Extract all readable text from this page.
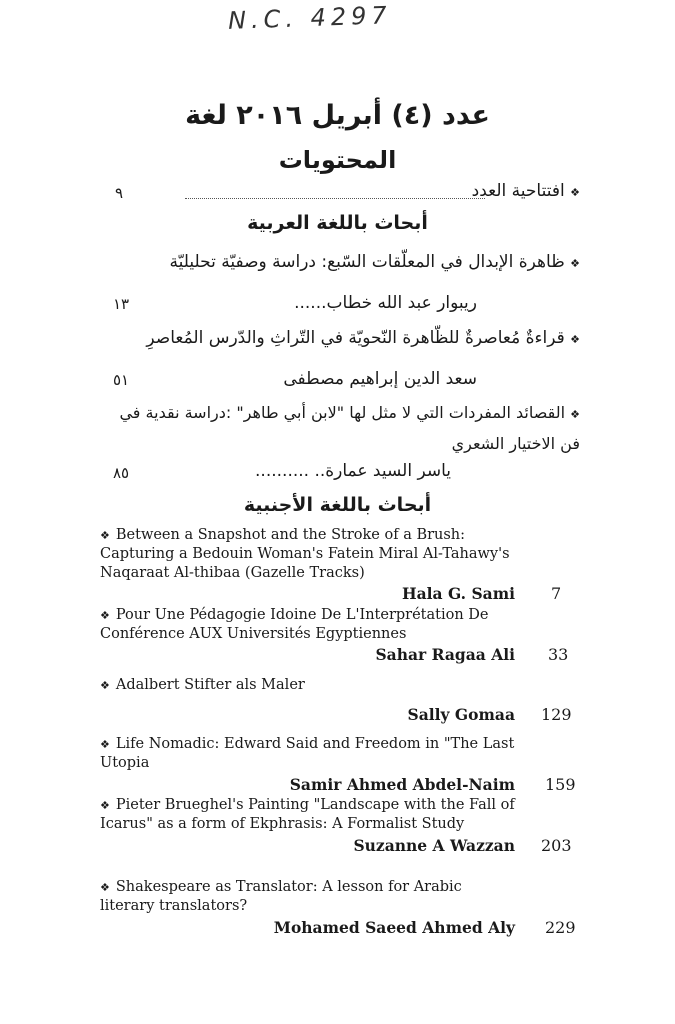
N.C. 4297
عدد (٤) أبريل ٢٠١٦ لغة
المحتويات
❖ افتتاحية العدد
٩
أبحاث باللغة العربية
❖ ظاهرة الإبدال في المعلّقات السّبع: دراسة وصفيّة تحليليّة
ريبوار عبد الله خطاب......
١٣
❖ قراءةٌ مُعاصرةٌ للظّاهرة النّحويّة في التّراثِ والدّرس المُعاصرِ
سعد الدين إبراهيم مصطفى
٥١
❖ القصائد المفردات التي لا مثل لها "لابن أبي طاهر" :دراسة نقدية في فن الاختيار الشعري
ياسر السيد عمارة.. ..........
٨٥
أبحاث باللغة الأجنبية
❖ Between a Snapshot and the Stroke of a Brush: Capturing a Bedouin Woman's Fatein Miral Al-Tahawy's Naqaraat Al-thibaa (Gazelle Tracks)
Hala G. Sami 7
❖ Pour Une Pédagogie Idoine De L'Interprétation De Conférence AUX Universités Egyptiennes
Sahar Ragaa Ali 33
❖ Adalbert Stifter als Maler
Sally Gomaa 129
❖ Life Nomadic: Edward Said and Freedom in "The Last Utopia
Samir Ahmed Abdel-Naim 159
❖ Pieter Brueghel's Painting "Landscape with the Fall of Icarus" as a form of Ekphrasis: A Formalist Study
Suzanne A Wazzan 203
❖ Shakespeare as Translator: A lesson for Arabic literary translators?
Mohamed Saeed Ahmed Aly 229
